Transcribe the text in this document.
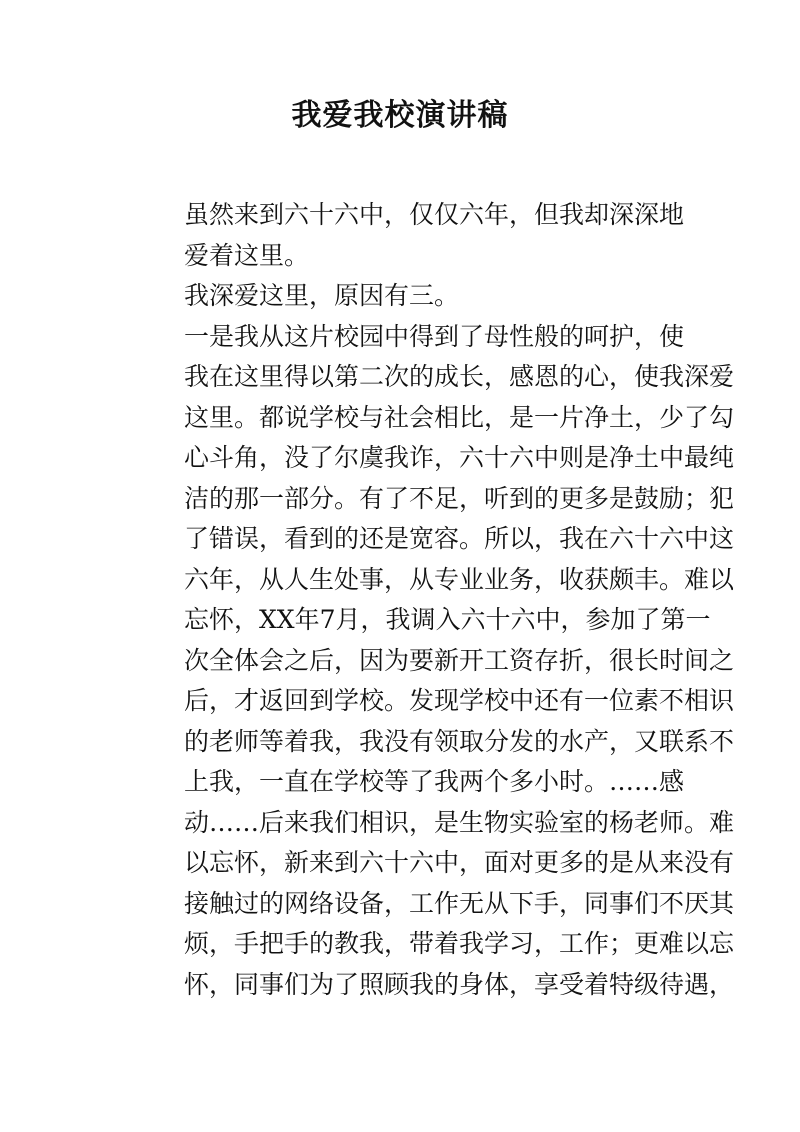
我爱我校演讲稿

虽然来到六十六中，仅仅六年，但我却深深地
爱着这里。

我深爱这里，原因有三。

一是我从这片校园中得到了母性般的呵护，使
我在这里得以第二次的成长，感恩的心，使我深爱
这里。都说学校与社会相比，是一片净土，少了勾
心斗角，没了尔虞我诈，六十六中则是净土中最纯
洁的那一部分。有了不足，听到的更多是鼓励；犯
了错误，看到的还是宽容。所以，我在六十六中这
六年，从人生处事，从专业业务，收获颇丰。难以
忘怀，XX年7月，我调入六十六中，参加了第一
次全体会之后，因为要新开工资存折，很长时间之
后，才返回到学校。发现学校中还有一位素不相识
的老师等着我，我没有领取分发的水产，又联系不
上我，一直在学校等了我两个多小时。……感
动……后来我们相识，是生物实验室的杨老师。难
以忘怀，新来到六十六中，面对更多的是从来没有
接触过的网络设备，工作无从下手，同事们不厌其
烦，手把手的教我，带着我学习，工作；更难以忘
怀，同事们为了照顾我的身体，享受着特级待遇，
